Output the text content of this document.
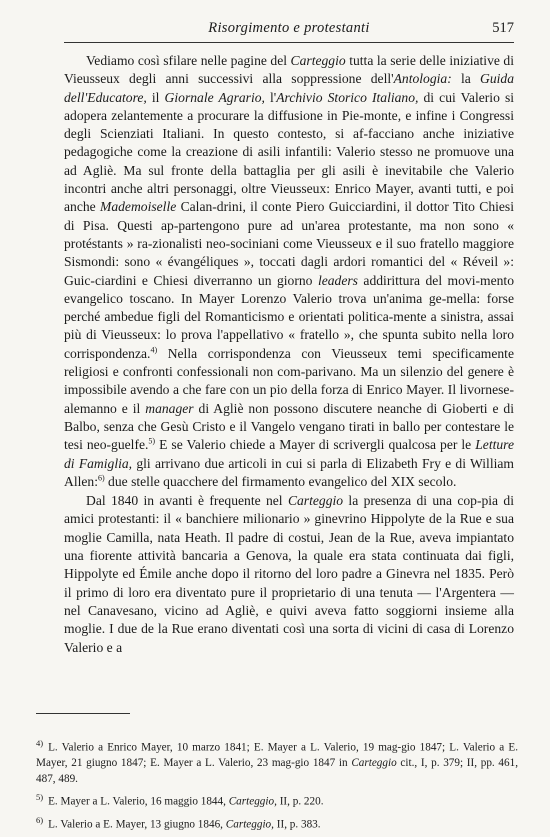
Risorgimento e protestanti	517

Vediamo così sfilare nelle pagine del Carteggio tutta la serie delle iniziative di Vieusseux degli anni successivi alla soppressione dell'Antologia: la Guida dell'Educatore, il Giornale Agrario, l'Archivio Storico Italiano, di cui Valerio si adopera zelantemente a procurare la diffusione in Pie-monte, e infine i Congressi degli Scienziati Italiani. In questo contesto, si af-facciano anche iniziative pedagogiche come la creazione di asili infantili: Valerio stesso ne promuove una ad Agliè. Ma sul fronte della battaglia per gli asili è inevitabile che Valerio incontri anche altri personaggi, oltre Vieusseux: Enrico Mayer, avanti tutti, e poi anche Mademoiselle Calan-drini, il conte Piero Guicciardini, il dottor Tito Chiesi di Pisa. Questi ap-partengono pure ad un'area protestante, ma non sono « protéstants » ra-zionalisti neo-sociniani come Vieusseux e il suo fratello maggiore Sismondi: sono « évangéliques », toccati dagli ardori romantici del « Réveil »: Guic-ciardini e Chiesi diverranno un giorno leaders addirittura del movi-mento evangelico toscano. In Mayer Lorenzo Valerio trova un'anima ge-mella: forse perché ambedue figli del Romanticismo e orientati politica-mente a sinistra, assai più di Vieusseux: lo prova l'appellativo « fratello », che spunta subito nella loro corrispondenza.$^{4)}$ Nella corrispondenza con Vieusseux temi specificamente religiosi e confronti confessionali non com-parivano. Ma un silenzio del genere è impossibile avendo a che fare con un pio della forza di Enrico Mayer. Il livornese-alemanno e il manager di Agliè non possono discutere neanche di Gioberti e di Balbo, senza che Gesù Cristo e il Vangelo vengano tirati in ballo per contestare le tesi neo-guelfe.$^{5)}$ E se Valerio chiede a Mayer di scrivergli qualcosa per le Letture di Famiglia, gli arrivano due articoli in cui si parla di Elizabeth Fry e di William Allen:$^{6)}$ due stelle quacchere del firmamento evangelico del XIX secolo.

Dal 1840 in avanti è frequente nel Carteggio la presenza di una cop-pia di amici protestanti: il « banchiere milionario » ginevrino Hippolyte de la Rue e sua moglie Camilla, nata Heath. Il padre di costui, Jean de la Rue, aveva impiantato una fiorente attività bancaria a Genova, la quale era stata continuata dai figli, Hippolyte ed Émile anche dopo il ritorno del loro padre a Ginevra nel 1835. Però il primo di loro era diventato pure il proprietario di una tenuta — l'Argentera — nel Canavesano, vicino ad Agliè, e quivi aveva fatto soggiorni insieme alla moglie. I due de la Rue erano diventati così una sorta di vicini di casa di Lorenzo Valerio e a

$^{4)}$ L. Valerio a Enrico Mayer, 10 marzo 1841; E. Mayer a L. Valerio, 19 mag-gio 1847; L. Valerio a E. Mayer, 21 giugno 1847; E. Mayer a L. Valerio, 23 mag-gio 1847 in Carteggio cit., I, p. 379; II, pp. 461, 487, 489.

$^{5)}$ E. Mayer a L. Valerio, 16 maggio 1844, Carteggio, II, p. 220.

$^{6)}$ L. Valerio a E. Mayer, 13 giugno 1846, Carteggio, II, p. 383.
